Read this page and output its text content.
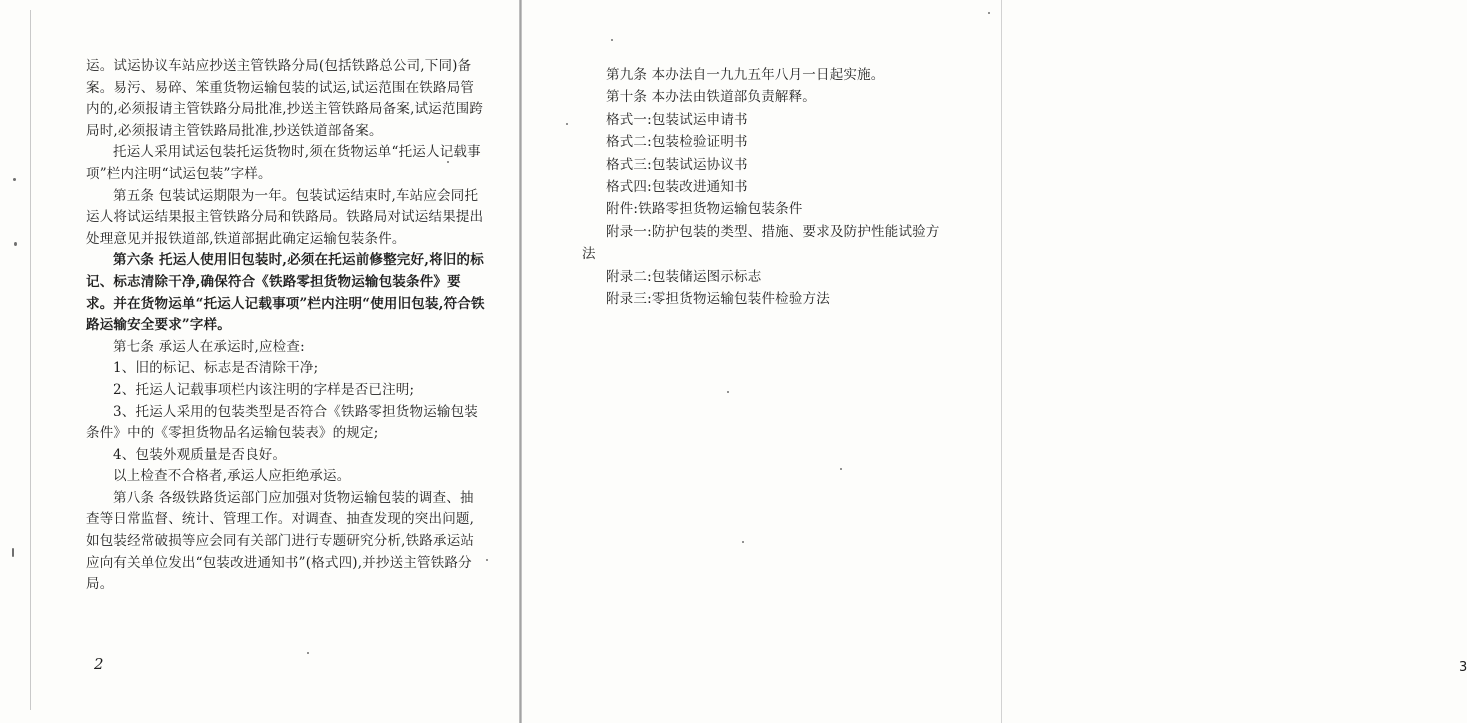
运。试运协议车站应抄送主管铁路分局(包括铁路总公司,下同)备案。易污、易碎、笨重货物运输包装的试运,试运范围在铁路局管内的,必须报请主管铁路分局批准,抄送主管铁路局备案,试运范围跨局时,必须报请主管铁路局批准,抄送铁道部备案。

托运人采用试运包装托运货物时,须在货物运单“托运人记载事项”栏内注明“试运包装”字样。

第五条 包装试运期限为一年。包装试运结束时,车站应会同托运人将试运结果报主管铁路分局和铁路局。铁路局对试运结果提出处理意见并报铁道部,铁道部据此确定运输包装条件。

第六条 托运人使用旧包装时,必须在托运前修整完好,将旧的标记、标志清除干净,确保符合《铁路零担货物运输包装条件》要求。并在货物运单“托运人记载事项”栏内注明“使用旧包装,符合铁路运输安全要求”字样。

第七条 承运人在承运时,应检查:

1、旧的标记、标志是否清除干净;

2、托运人记载事项栏内该注明的字样是否已注明;

3、托运人采用的包装类型是否符合《铁路零担货物运输包装条件》中的《零担货物品名运输包装表》的规定;

4、包装外观质量是否良好。

以上检查不合格者,承运人应拒绝承运。

第八条 各级铁路货运部门应加强对货物运输包装的调查、抽查等日常监督、统计、管理工作。对调查、抽查发现的突出问题,如包装经常破损等应会同有关部门进行专题研究分析,铁路承运站应向有关单位发出“包装改进通知书”(格式四),并抄送主管铁路分局。

2	3

第九条 本办法自一九九五年八月一日起实施。

第十条 本办法由铁道部负责解释。

格式一:包装试运申请书

格式二:包装检验证明书

格式三:包装试运协议书

格式四:包装改进通知书

附件:铁路零担货物运输包装条件

附录一:防护包装的类型、措施、要求及防护性能试验方

法

附录二:包装储运图示标志

附录三:零担货物运输包装件检验方法
